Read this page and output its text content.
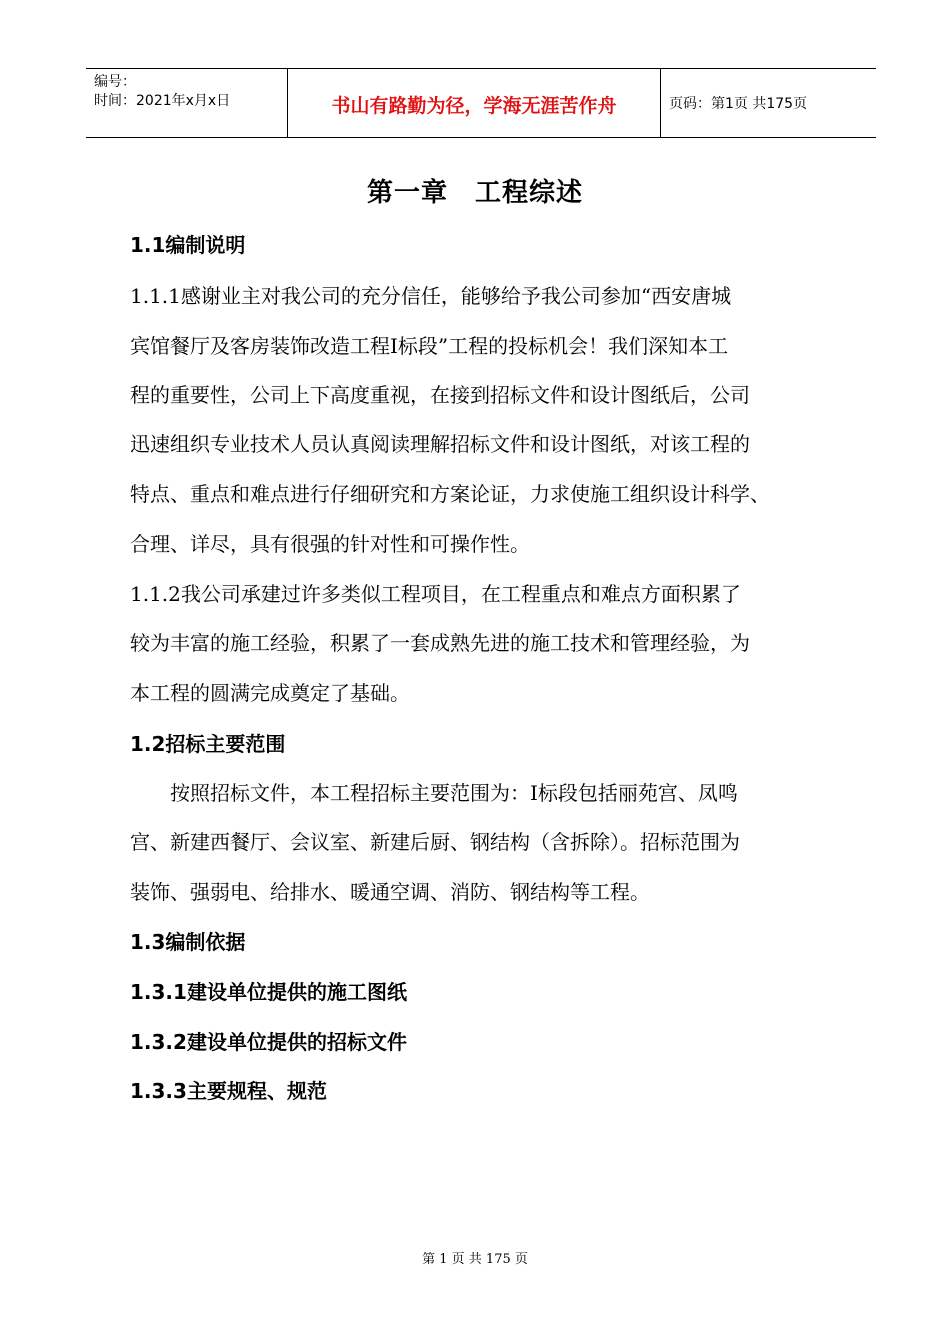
编号：
时间：2021年x月x日	书山有路勤为径，学海无涯苦作舟	页码：第1页 共175页
第一章　工程综述
1.1编制说明
1.1.1感谢业主对我公司的充分信任，能够给予我公司参加“西安唐城
宾馆餐厅及客房装饰改造工程Ⅰ标段”工程的投标机会！我们深知本工
程的重要性，公司上下高度重视，在接到招标文件和设计图纸后，公司
迅速组织专业技术人员认真阅读理解招标文件和设计图纸，对该工程的
特点、重点和难点进行仔细研究和方案论证，力求使施工组织设计科学、
合理、详尽，具有很强的针对性和可操作性。
1.1.2我公司承建过许多类似工程项目，在工程重点和难点方面积累了
较为丰富的施工经验，积累了一套成熟先进的施工技术和管理经验，为
本工程的圆满完成奠定了基础。
1.2招标主要范围
　　按照招标文件，本工程招标主要范围为：Ⅰ标段包括丽苑宫、凤鸣
宫、新建西餐厅、会议室、新建后厨、钢结构（含拆除）。招标范围为
装饰、强弱电、给排水、暖通空调、消防、钢结构等工程。
1.3编制依据
1.3.1建设单位提供的施工图纸
1.3.2建设单位提供的招标文件
1.3.3主要规程、规范
第 1 页 共 175 页
